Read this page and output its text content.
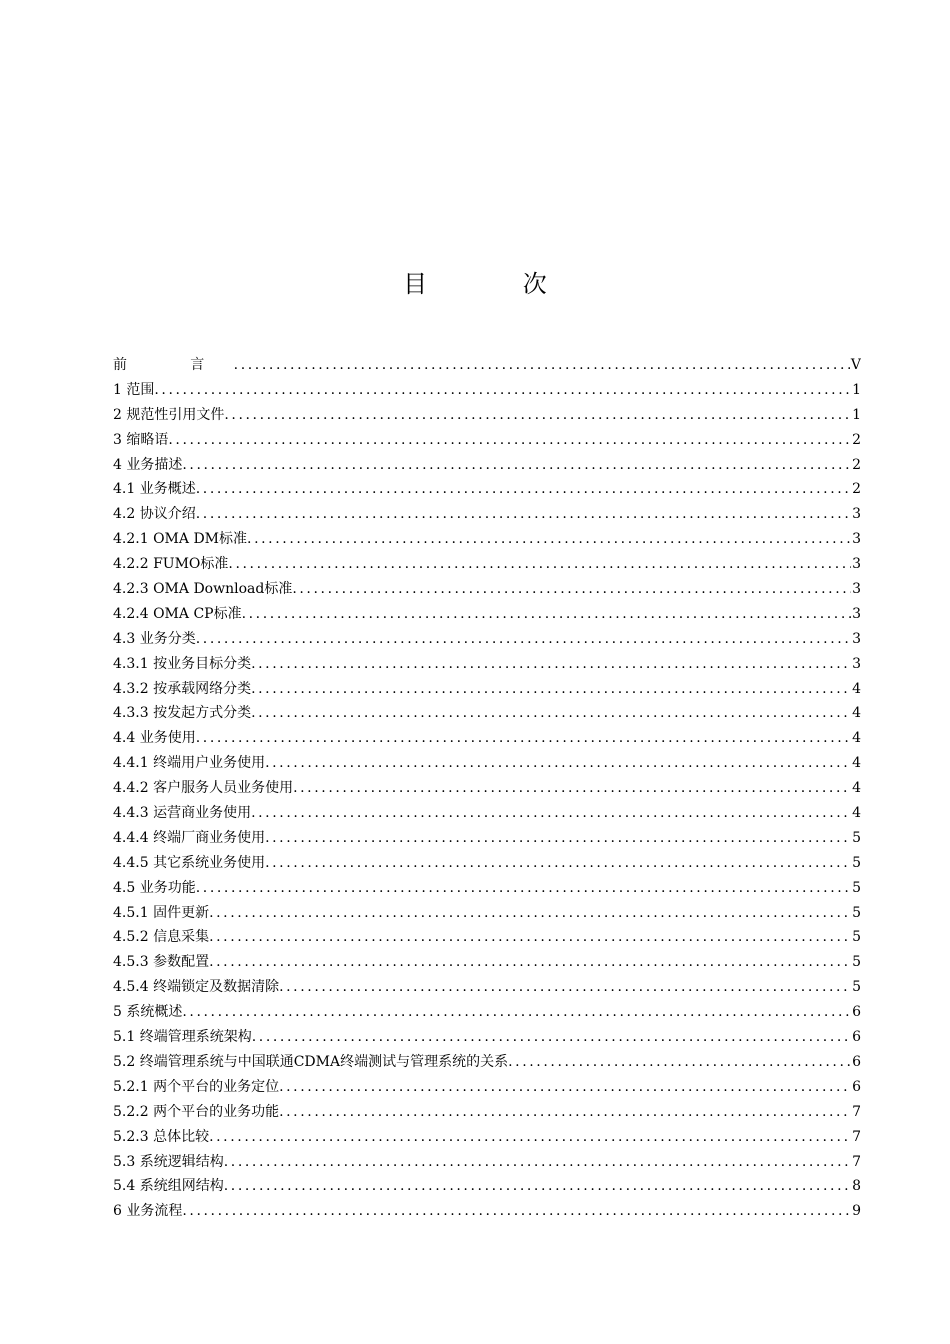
目 次
前 言 .....	V
1 范围 .....	1
2 规范性引用文件 .....	1
3 缩略语 .....	2
4 业务描述 .....	2
4.1 业务概述 .....	2
4.2 协议介绍 .....	3
4.2.1 OMA DM标准 .....	3
4.2.2 FUMO标准 .....	3
4.2.3 OMA Download标准 .....	3
4.2.4 OMA CP标准 .....	3
4.3 业务分类 .....	3
4.3.1 按业务目标分类 .....	3
4.3.2 按承载网络分类 .....	4
4.3.3 按发起方式分类 .....	4
4.4 业务使用 .....	4
4.4.1 终端用户业务使用 .....	4
4.4.2 客户服务人员业务使用 .....	4
4.4.3 运营商业务使用 .....	4
4.4.4 终端厂商业务使用 .....	5
4.4.5 其它系统业务使用 .....	5
4.5 业务功能 .....	5
4.5.1 固件更新 .....	5
4.5.2 信息采集 .....	5
4.5.3 参数配置 .....	5
4.5.4 终端锁定及数据清除 .....	5
5 系统概述 .....	6
5.1 终端管理系统架构 .....	6
5.2 终端管理系统与中国联通CDMA终端测试与管理系统的关系 .....	6
5.2.1 两个平台的业务定位 .....	6
5.2.2 两个平台的业务功能 .....	7
5.2.3 总体比较 .....	7
5.3 系统逻辑结构 .....	7
5.4 系统组网结构 .....	8
6 业务流程 .....	9
